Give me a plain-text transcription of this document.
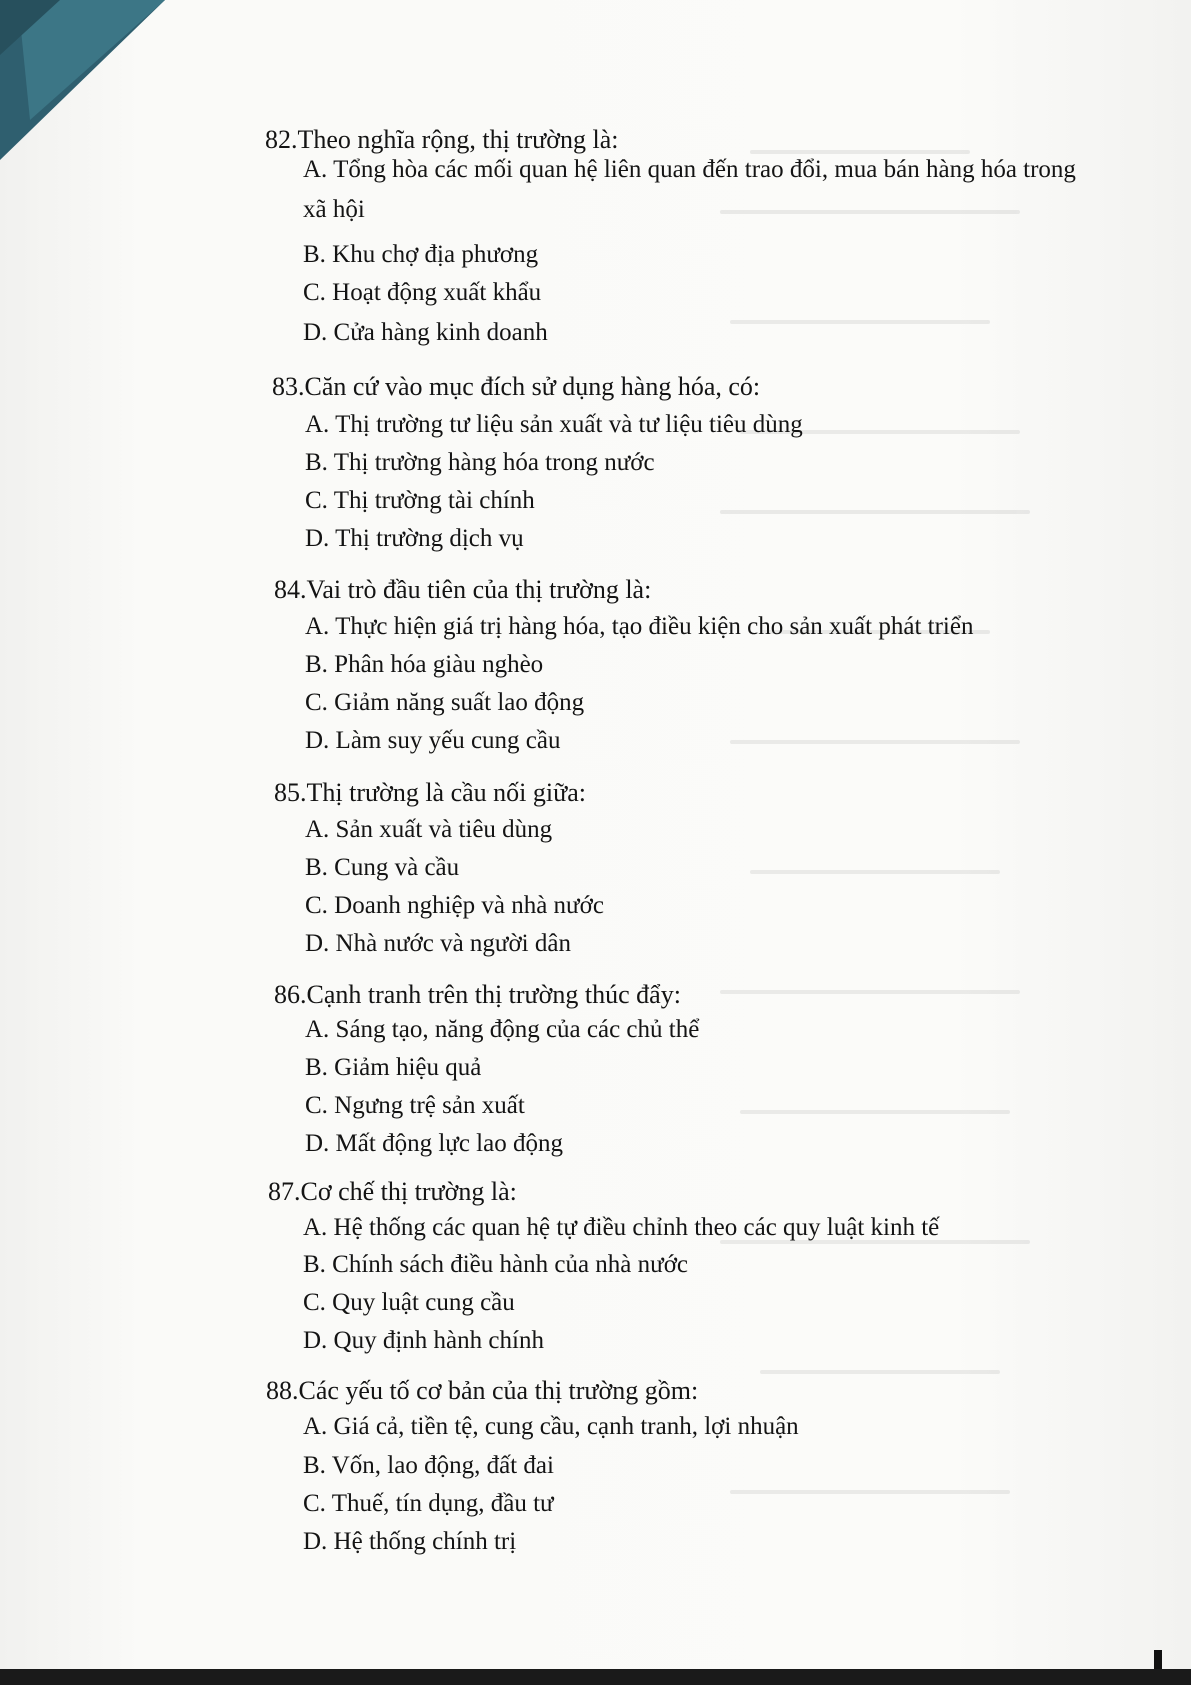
82.Theo nghĩa rộng, thị trường là:
A. Tổng hòa các mối quan hệ liên quan đến trao đổi, mua bán hàng hóa trong xã hội
B. Khu chợ địa phương
C. Hoạt động xuất khẩu
D. Cửa hàng kinh doanh
83.Căn cứ vào mục đích sử dụng hàng hóa, có:
A. Thị trường tư liệu sản xuất và tư liệu tiêu dùng
B. Thị trường hàng hóa trong nước
C. Thị trường tài chính
D. Thị trường dịch vụ
84.Vai trò đầu tiên của thị trường là:
A. Thực hiện giá trị hàng hóa, tạo điều kiện cho sản xuất phát triển
B. Phân hóa giàu nghèo
C. Giảm năng suất lao động
D. Làm suy yếu cung cầu
85.Thị trường là cầu nối giữa:
A. Sản xuất và tiêu dùng
B. Cung và cầu
C. Doanh nghiệp và nhà nước
D. Nhà nước và người dân
86.Cạnh tranh trên thị trường thúc đẩy:
A. Sáng tạo, năng động của các chủ thể
B. Giảm hiệu quả
C. Ngưng trệ sản xuất
D. Mất động lực lao động
87.Cơ chế thị trường là:
A. Hệ thống các quan hệ tự điều chỉnh theo các quy luật kinh tế
B. Chính sách điều hành của nhà nước
C. Quy luật cung cầu
D. Quy định hành chính
88.Các yếu tố cơ bản của thị trường gồm:
A. Giá cả, tiền tệ, cung cầu, cạnh tranh, lợi nhuận
B. Vốn, lao động, đất đai
C. Thuế, tín dụng, đầu tư
D. Hệ thống chính trị
